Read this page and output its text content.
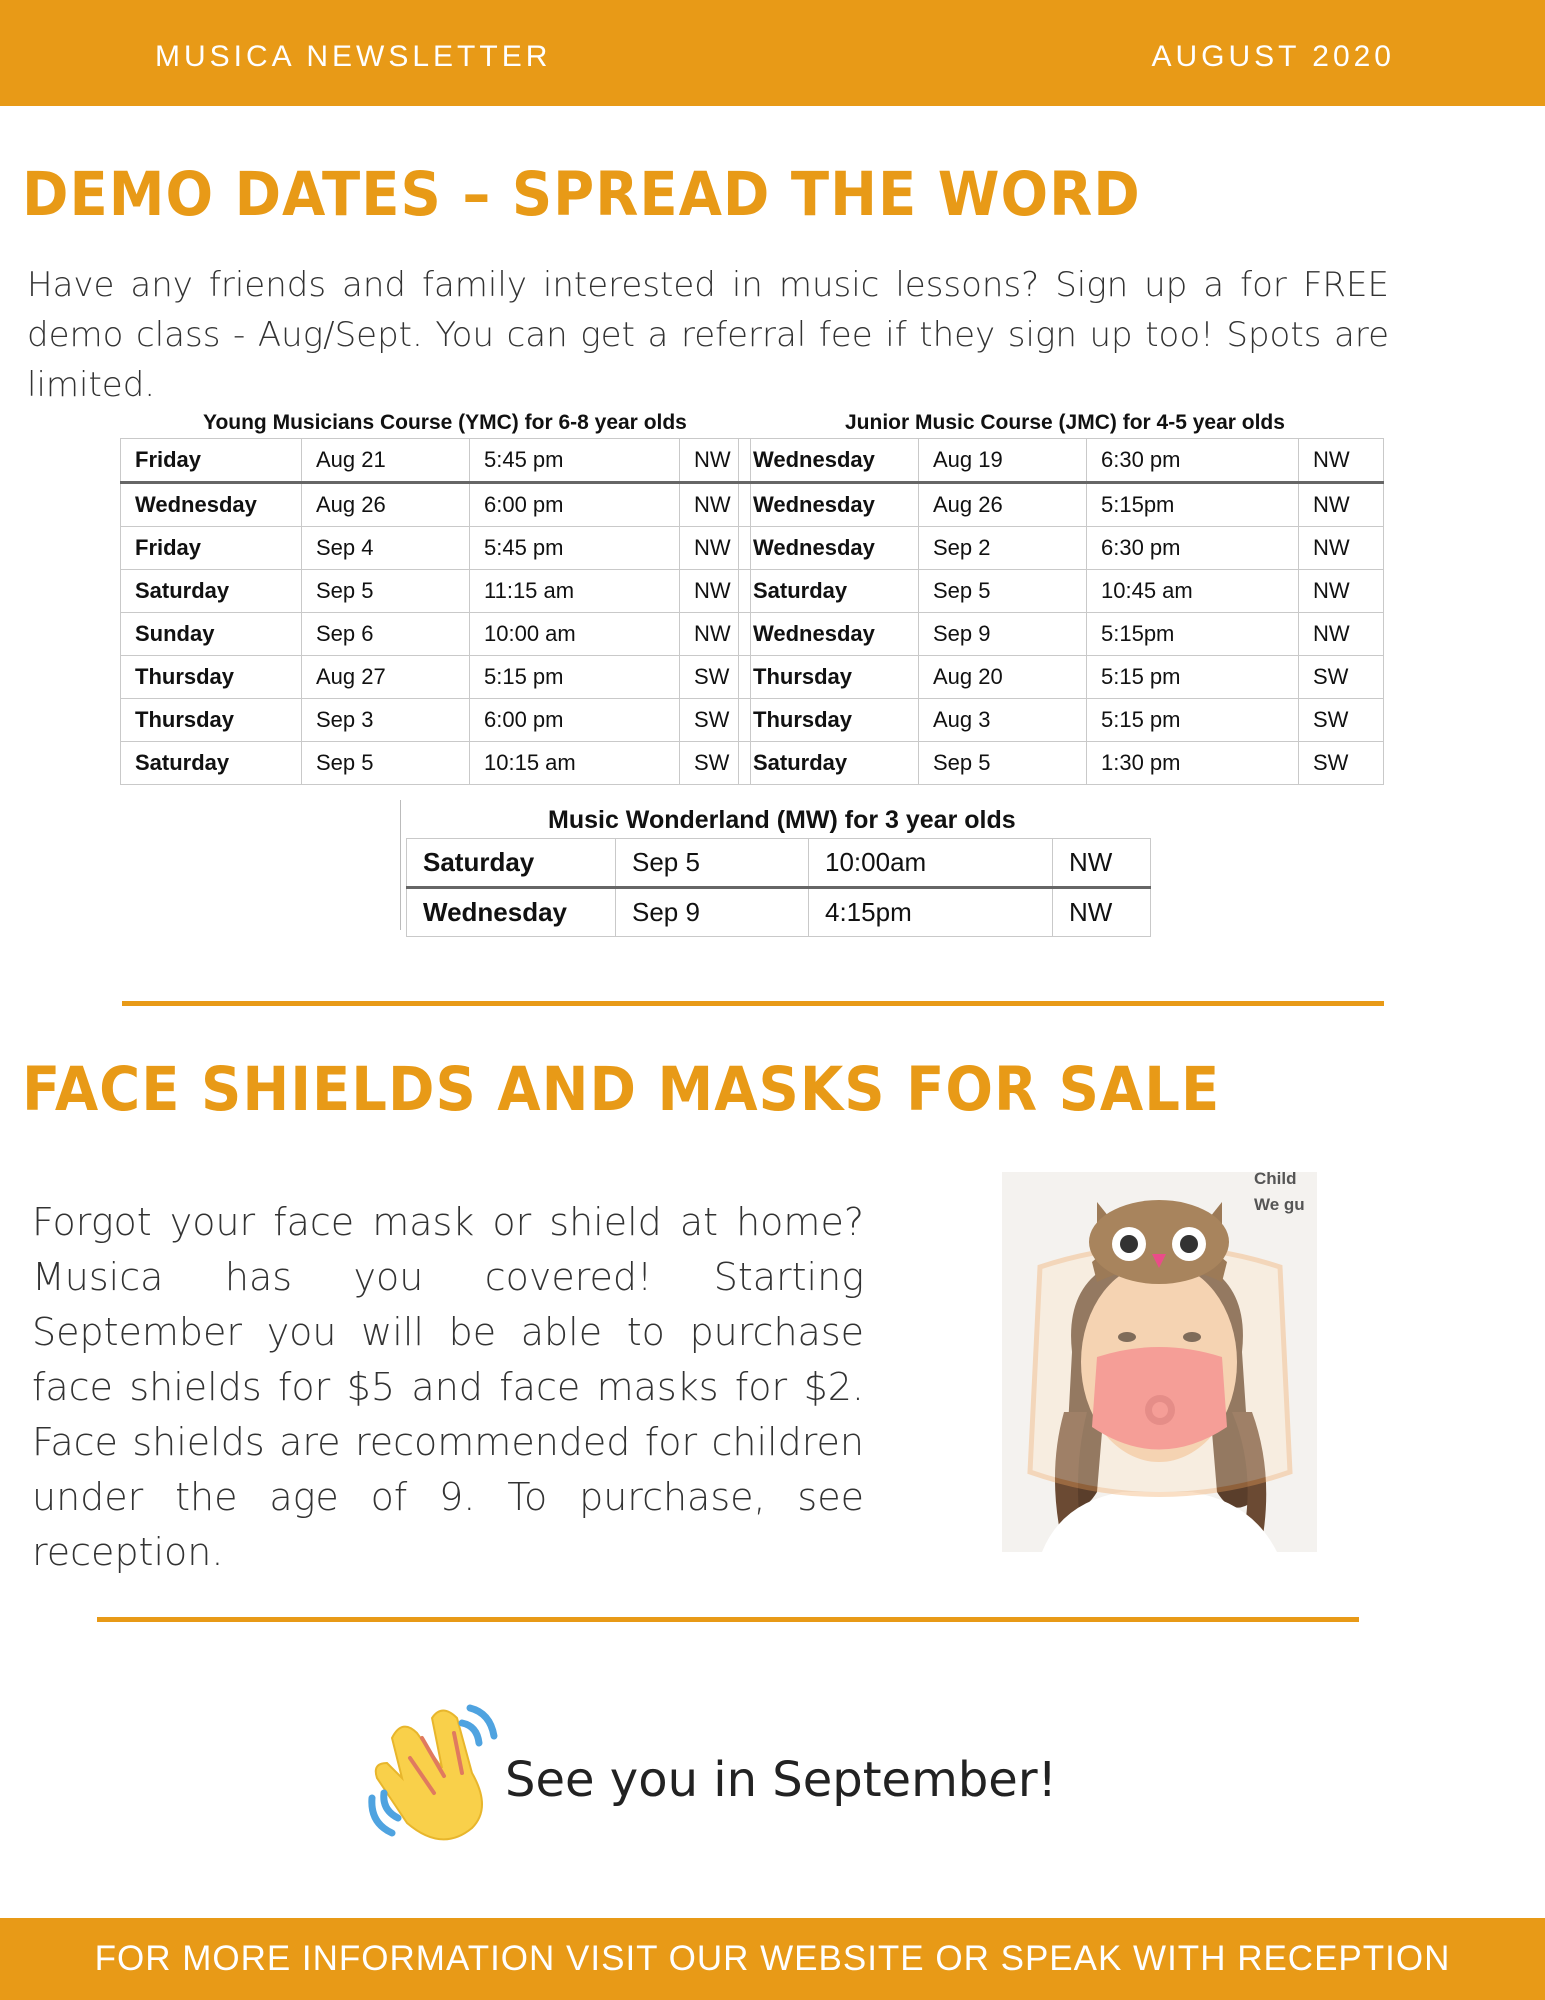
MUSICA NEWSLETTER	AUGUST 2020
DEMO DATES – SPREAD THE WORD
Have any friends and family interested in music lessons? Sign up a for FREE demo class - Aug/Sept. You can get a referral fee if they sign up too! Spots are limited.
Young Musicians Course (YMC) for 6-8 year olds
Friday	Aug 21	5:45 pm	NW
Wednesday	Aug 26	6:00 pm	NW
Friday	Sep 4	5:45 pm	NW
Saturday	Sep 5	11:15 am	NW
Sunday	Sep 6	10:00 am	NW
Thursday	Aug 27	5:15 pm	SW
Thursday	Sep 3	6:00 pm	SW
Saturday	Sep 5	10:15 am	SW
Junior Music Course (JMC) for 4-5 year olds
Wednesday	Aug 19	6:30 pm	NW
Wednesday	Aug 26	5:15pm	NW
Wednesday	Sep 2	6:30 pm	NW
Saturday	Sep 5	10:45 am	NW
Wednesday	Sep 9	5:15pm	NW
Thursday	Aug 20	5:15 pm	SW
Thursday	Aug 3	5:15 pm	SW
Saturday	Sep 5	1:30 pm	SW
Music Wonderland (MW) for 3 year olds
Saturday	Sep 5	10:00am	NW
Wednesday	Sep 9	4:15pm	NW
FACE SHIELDS AND MASKS FOR SALE
Forgot your face mask or shield at home? Musica has you covered! Starting September you will be able to purchase face shields for $5 and face masks for $2. Face shields are recommended for children under the age of 9. To purchase, see reception.
Child
We gu
See you in September!
FOR MORE INFORMATION VISIT OUR WEBSITE OR SPEAK WITH RECEPTION
